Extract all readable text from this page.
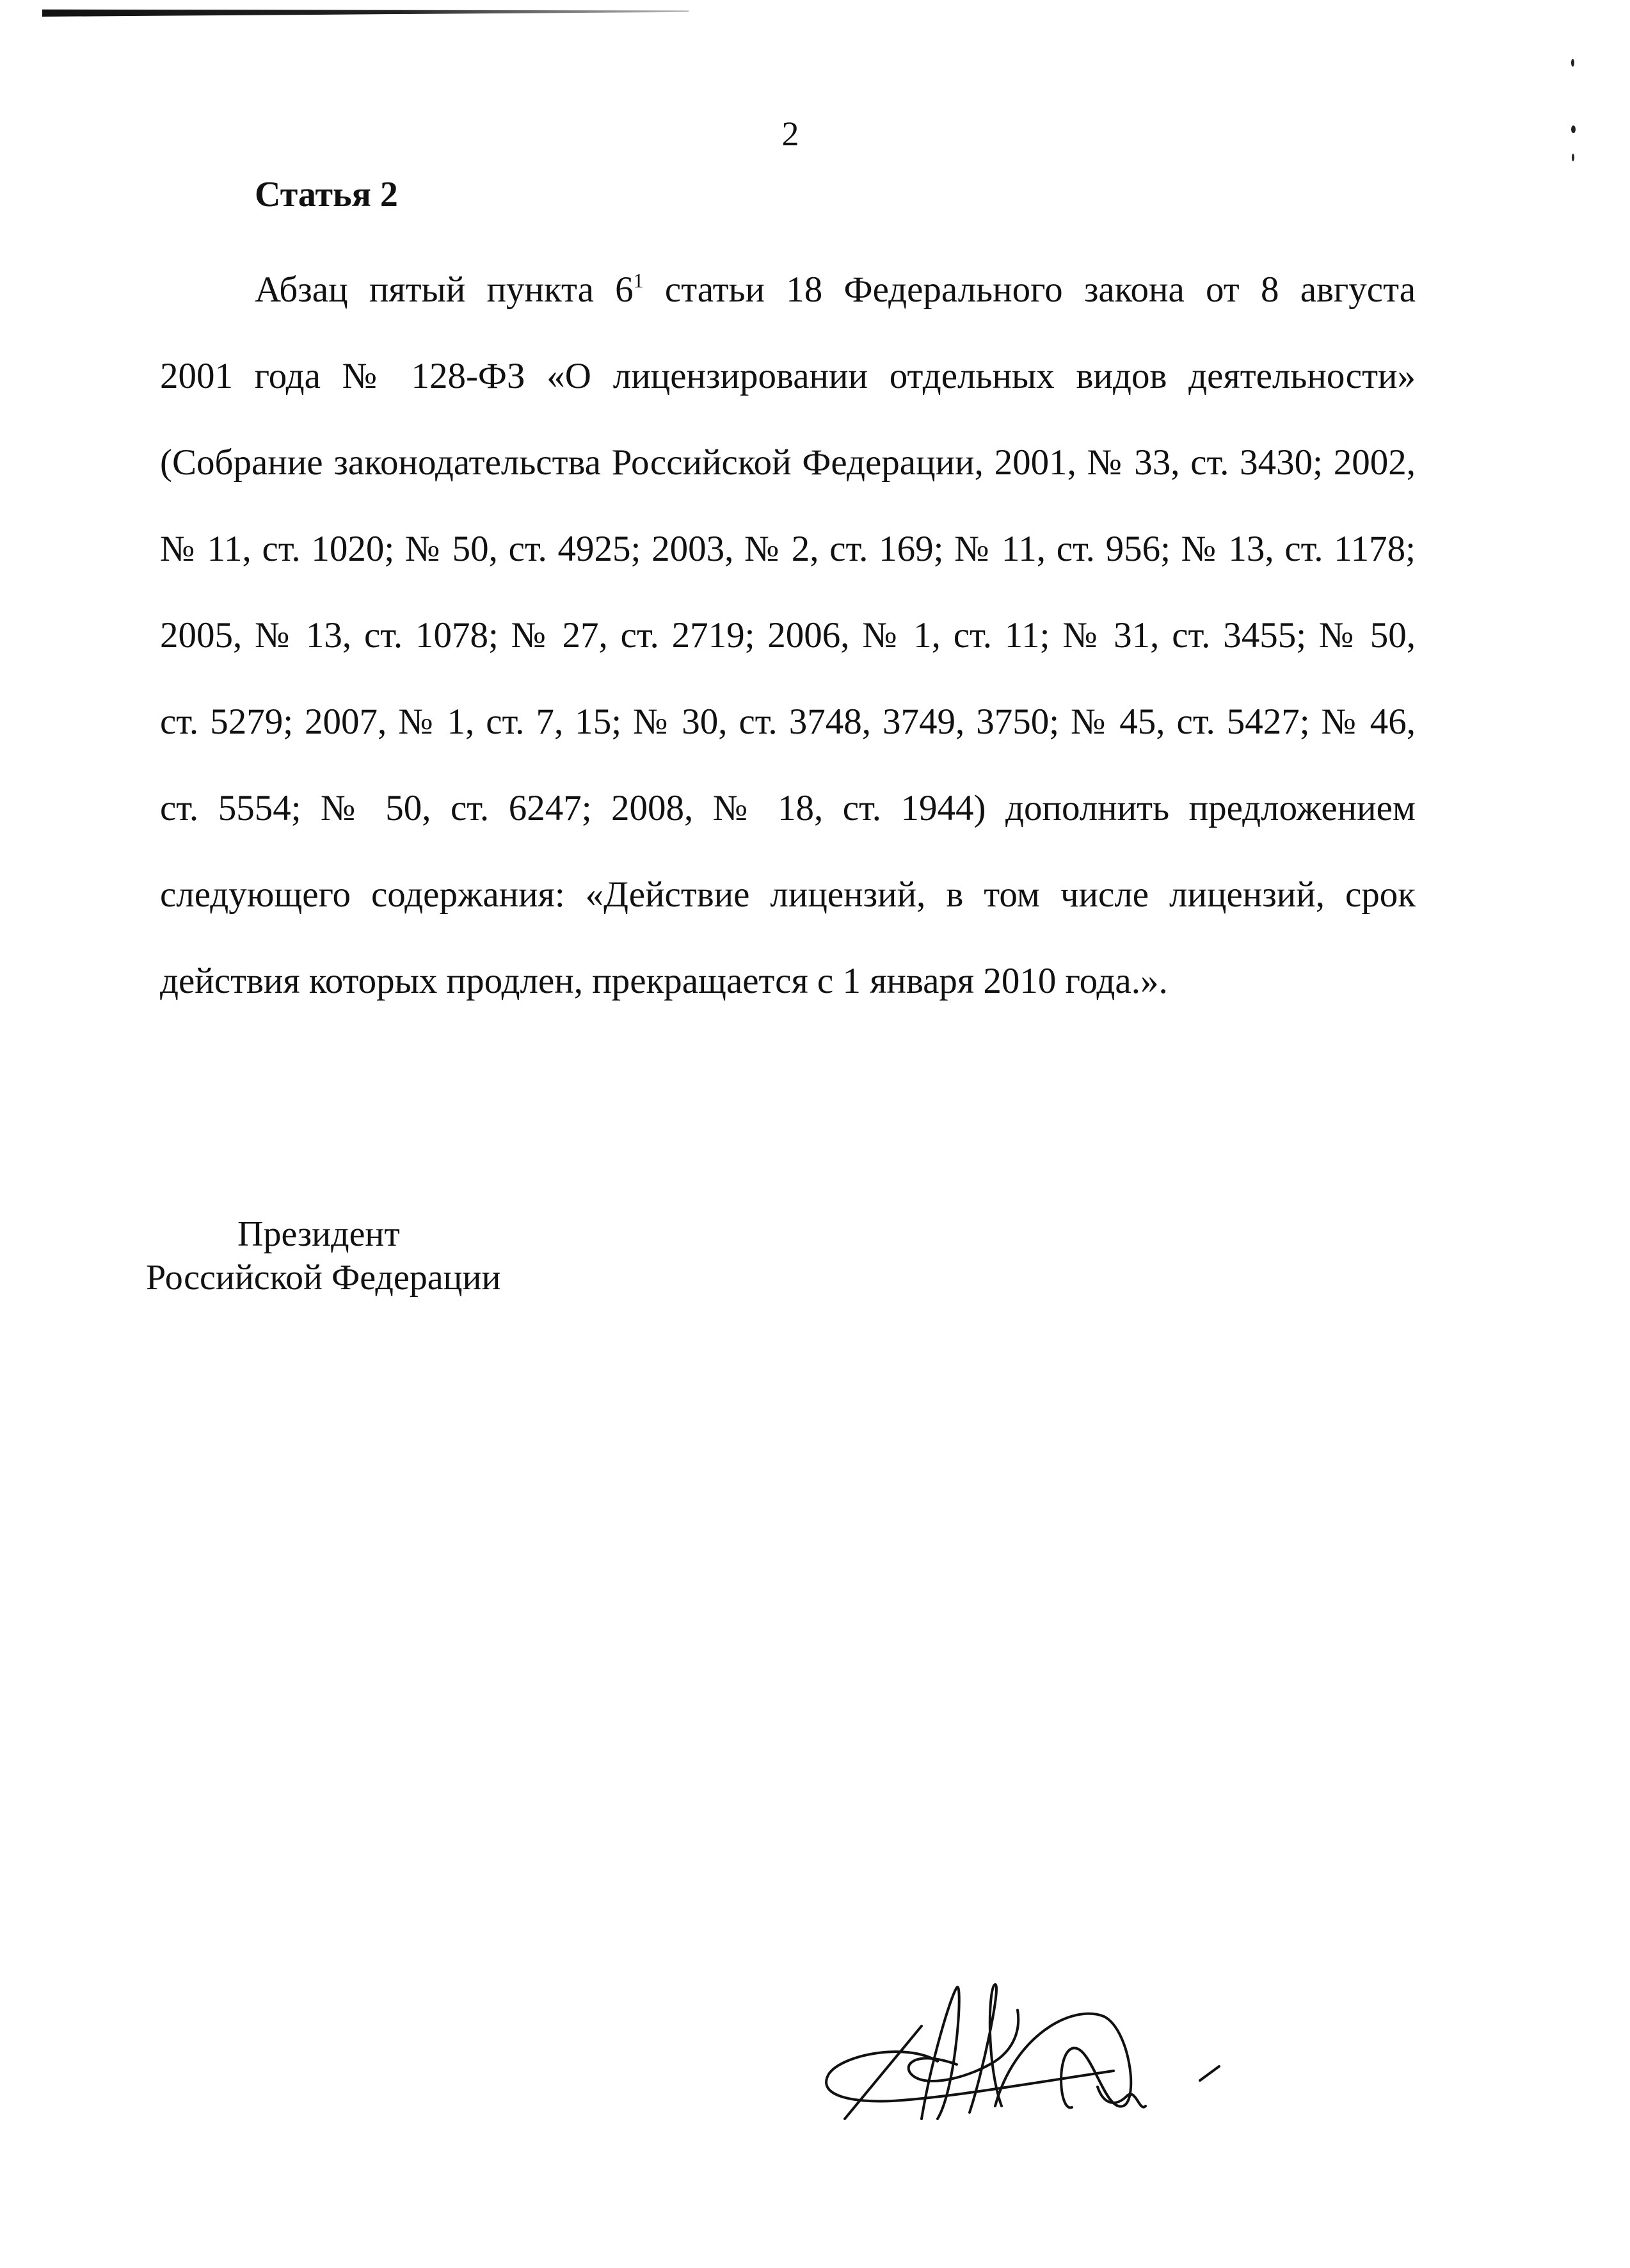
2
Статья 2
Абзац пятый пункта $6^1$ статьи 18 Федерального закона от 8 августа
2001 года № 128-ФЗ «О лицензировании отдельных видов деятельности»
(Собрание законодательства Российской Федерации, 2001, № 33, ст. 3430; 2002,
№ 11, ст. 1020; № 50, ст. 4925; 2003, № 2, ст. 169; № 11, ст. 956; № 13, ст. 1178;
2005, № 13, ст. 1078; № 27, ст. 2719; 2006, № 1, ст. 11; № 31, ст. 3455; № 50,
ст. 5279; 2007, № 1, ст. 7, 15; № 30, ст. 3748, 3749, 3750; № 45, ст. 5427; № 46,
ст. 5554; № 50, ст. 6247; 2008, № 18, ст. 1944) дополнить предложением
следующего содержания: «Действие лицензий, в том числе лицензий, срок
действия которых продлен, прекращается с 1 января 2010 года.».
Президент
Российской Федерации
